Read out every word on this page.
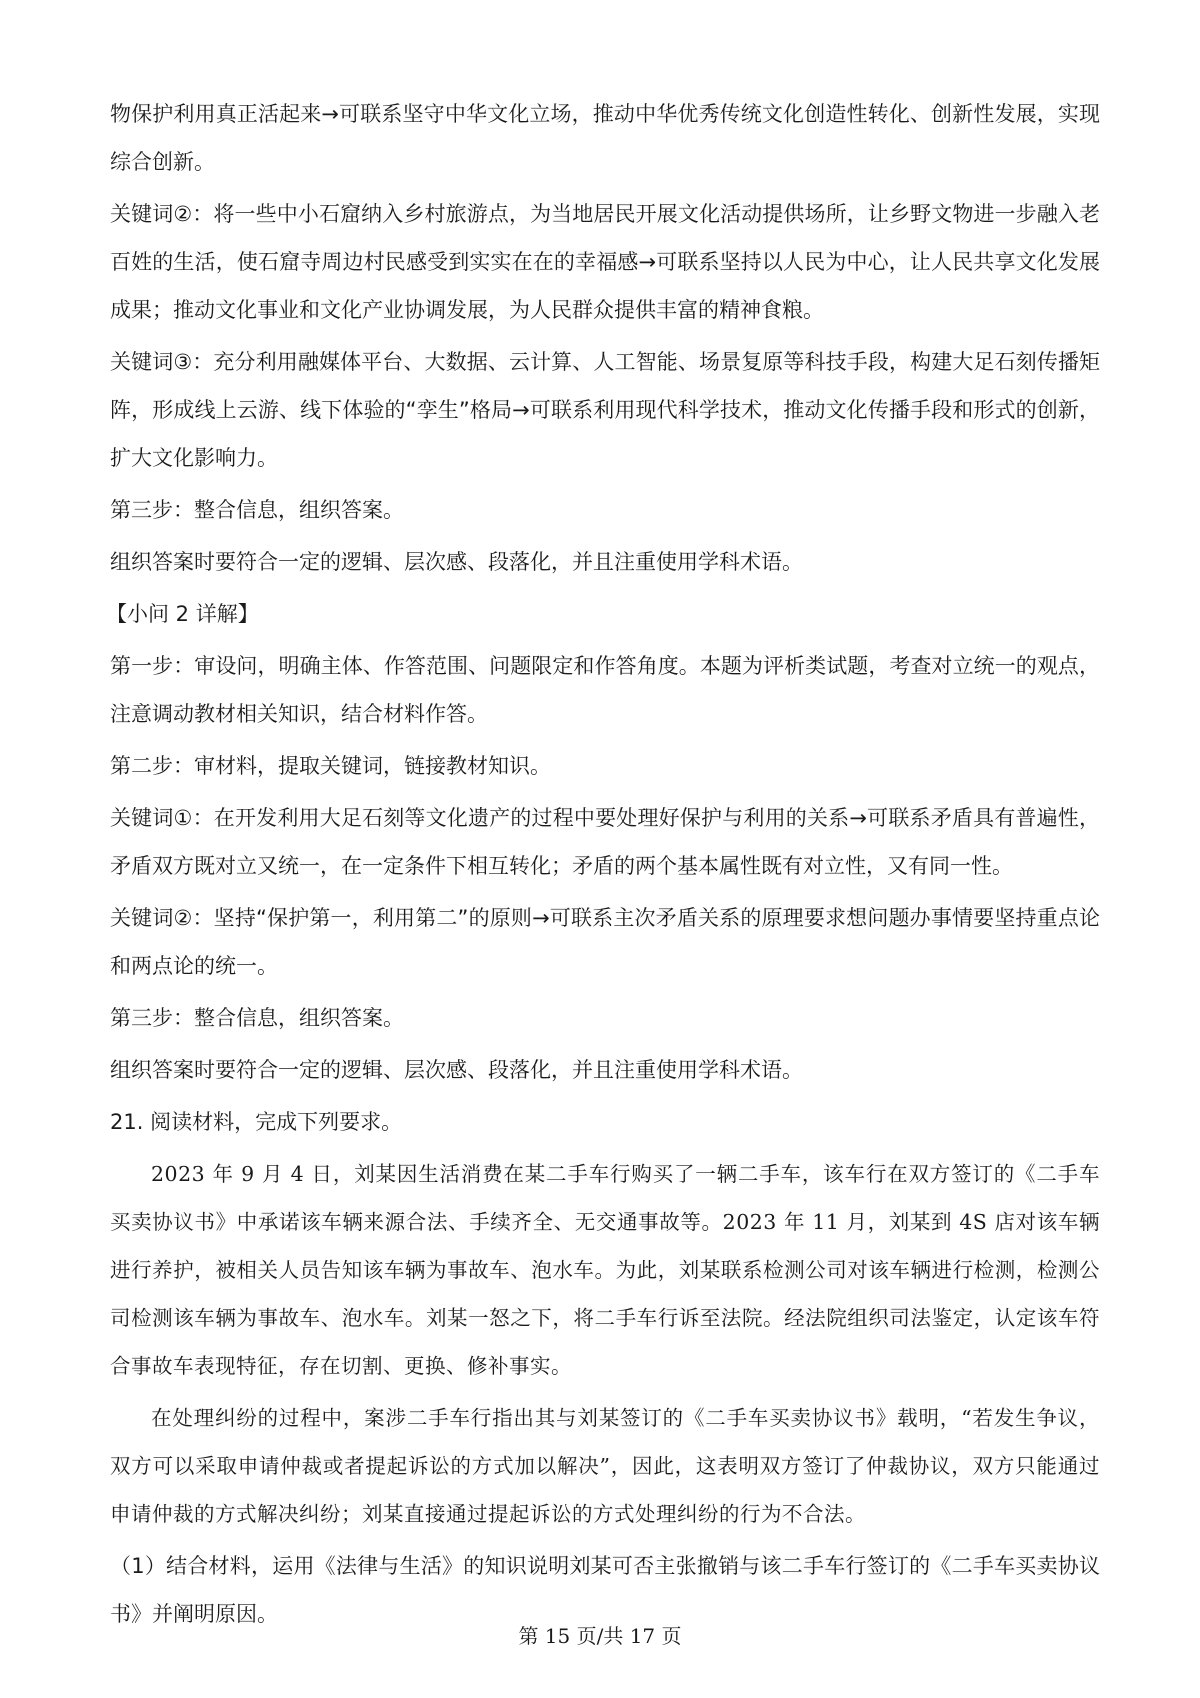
物保护利用真正活起来→可联系坚守中华文化立场，推动中华优秀传统文化创造性转化、创新性发展，实现综合创新。

关键词②：将一些中小石窟纳入乡村旅游点，为当地居民开展文化活动提供场所，让乡野文物进一步融入老百姓的生活，使石窟寺周边村民感受到实实在在的幸福感→可联系坚持以人民为中心，让人民共享文化发展成果；推动文化事业和文化产业协调发展，为人民群众提供丰富的精神食粮。

关键词③：充分利用融媒体平台、大数据、云计算、人工智能、场景复原等科技手段，构建大足石刻传播矩阵，形成线上云游、线下体验的“孪生”格局→可联系利用现代科学技术，推动文化传播手段和形式的创新，扩大文化影响力。

第三步：整合信息，组织答案。

组织答案时要符合一定的逻辑、层次感、段落化，并且注重使用学科术语。

【小问 2 详解】

第一步：审设问，明确主体、作答范围、问题限定和作答角度。本题为评析类试题，考查对立统一的观点，注意调动教材相关知识，结合材料作答。

第二步：审材料，提取关键词，链接教材知识。

关键词①：在开发利用大足石刻等文化遗产的过程中要处理好保护与利用的关系→可联系矛盾具有普遍性，矛盾双方既对立又统一，在一定条件下相互转化；矛盾的两个基本属性既有对立性，又有同一性。

关键词②：坚持“保护第一，利用第二”的原则→可联系主次矛盾关系的原理要求想问题办事情要坚持重点论和两点论的统一。

第三步：整合信息，组织答案。

组织答案时要符合一定的逻辑、层次感、段落化，并且注重使用学科术语。

21. 阅读材料，完成下列要求。

2023 年 9 月 4 日，刘某因生活消费在某二手车行购买了一辆二手车，该车行在双方签订的《二手车买卖协议书》中承诺该车辆来源合法、手续齐全、无交通事故等。2023 年 11 月，刘某到 4S 店对该车辆进行养护，被相关人员告知该车辆为事故车、泡水车。为此，刘某联系检测公司对该车辆进行检测，检测公司检测该车辆为事故车、泡水车。刘某一怒之下，将二手车行诉至法院。经法院组织司法鉴定，认定该车符合事故车表现特征，存在切割、更换、修补事实。

在处理纠纷的过程中，案涉二手车行指出其与刘某签订的《二手车买卖协议书》载明，“若发生争议，双方可以采取申请仲裁或者提起诉讼的方式加以解决”，因此，这表明双方签订了仲裁协议，双方只能通过申请仲裁的方式解决纠纷；刘某直接通过提起诉讼的方式处理纠纷的行为不合法。

（1）结合材料，运用《法律与生活》的知识说明刘某可否主张撤销与该二手车行签订的《二手车买卖协议书》并阐明原因。

第 15 页/共 17 页
